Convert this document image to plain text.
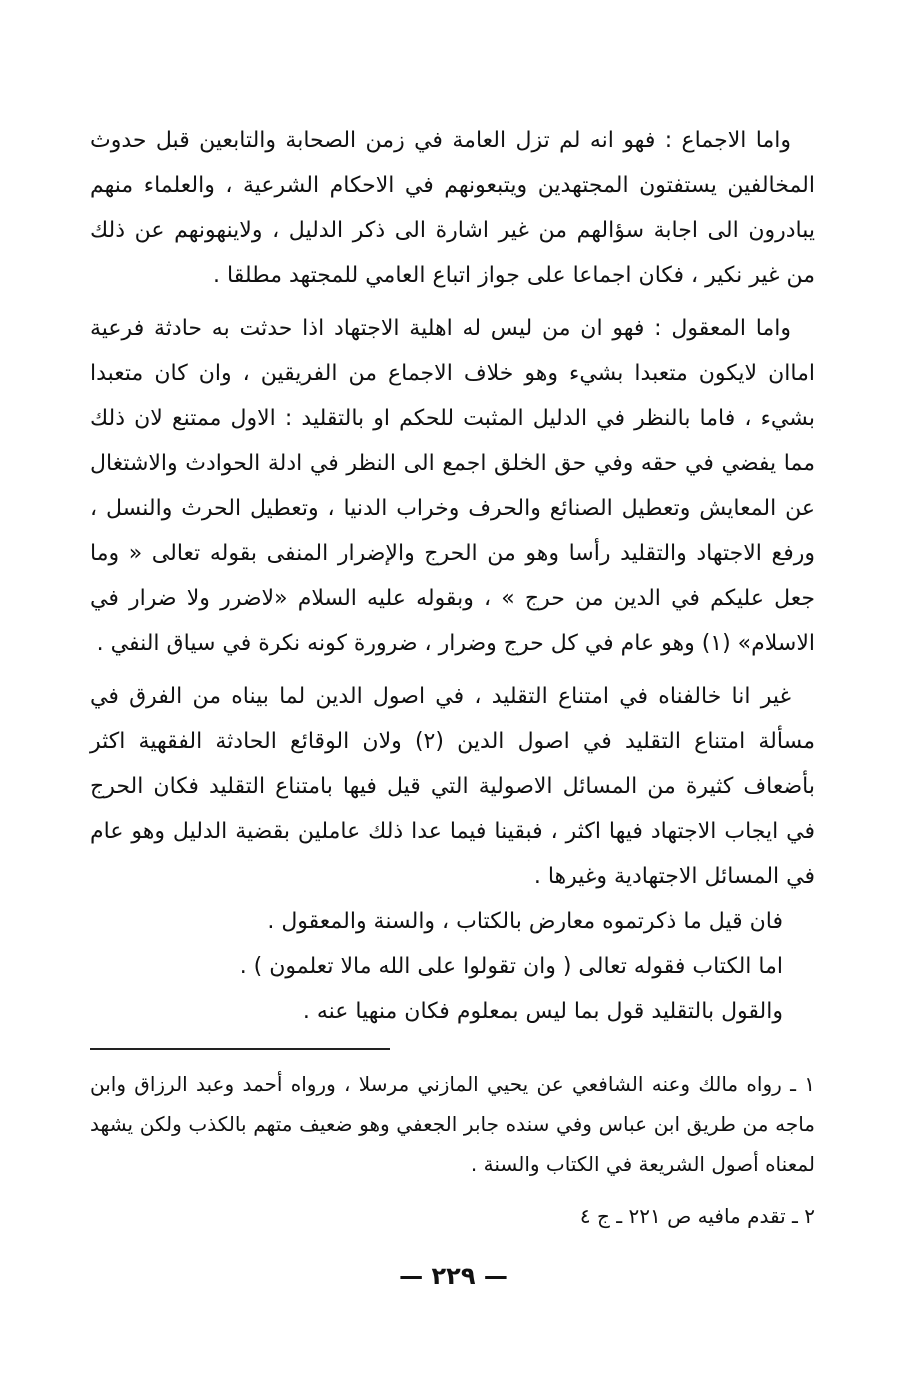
واما الاجماع : فهو انه لم تزل العامة في زمن الصحابة والتابعين قبل حدوث المخالفين يستفتون المجتهدين ويتبعونهم في الاحكام الشرعية ، والعلماء منهم يبادرون الى اجابة سؤالهم من غير اشارة الى ذكر الدليل ، ولاينهونهم عن ذلك من غير نكير ، فكان اجماعا على جواز اتباع العامي للمجتهد مطلقا .

واما المعقول : فهو ان من ليس له اهلية الاجتهاد اذا حدثت به حادثة فرعية اماان لايكون متعبدا بشيء وهو خلاف الاجماع من الفريقين ، وان كان متعبدا بشيء ، فاما بالنظر في الدليل المثبت للحكم او بالتقليد : الاول ممتنع لان ذلك مما يفضي في حقه وفي حق الخلق اجمع الى النظر في ادلة الحوادث والاشتغال عن المعايش وتعطيل الصنائع والحرف وخراب الدنيا ، وتعطيل الحرث والنسل ، ورفع الاجتهاد والتقليد رأسا وهو من الحرج والإضرار المنفى بقوله تعالى « وما جعل عليكم في الدين من حرج » ، وبقوله عليه السلام «لاضرر ولا ضرار في الاسلام» (١) وهو عام في كل حرج وضرار ، ضرورة كونه نكرة في سياق النفي .

غير انا خالفناه في امتناع التقليد ، في اصول الدين لما بيناه من الفرق في مسألة امتناع التقليد في اصول الدين (٢) ولان الوقائع الحادثة الفقهية اكثر بأضعاف كثيرة من المسائل الاصولية التي قيل فيها بامتناع التقليد فكان الحرج في ايجاب الاجتهاد فيها اكثر ، فبقينا فيما عدا ذلك عاملين بقضية الدليل وهو عام في المسائل الاجتهادية وغيرها .

فان قيل ما ذكرتموه معارض بالكتاب ، والسنة والمعقول .

اما الكتاب فقوله تعالى ( وان تقولوا على الله مالا تعلمون ) .

والقول بالتقليد قول بما ليس بمعلوم فكان منهيا عنه .

١ ـ رواه مالك وعنه الشافعي عن يحيي المازني مرسلا ، ورواه أحمد وعبد الرزاق وابن ماجه من طريق ابن عباس وفي سنده جابر الجعفي وهو ضعيف متهم بالكذب ولكن يشهد لمعناه أصول الشريعة في الكتاب والسنة .

٢ ـ تقدم مافيه ص ٢٢١ ـ ج ٤

— ٢٢٩ —
